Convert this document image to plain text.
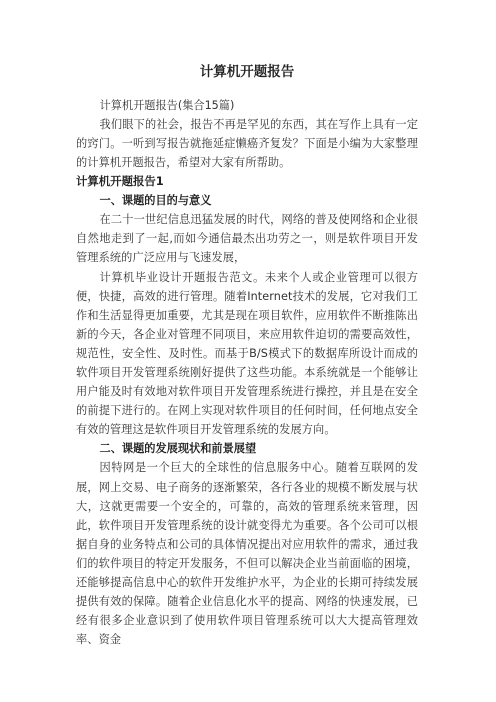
计算机开题报告

计算机开题报告(集合15篇)

我们眼下的社会，报告不再是罕见的东西，其在写作上具有一定的窍门。一听到写报告就拖延症懒癌齐复发？下面是小编为大家整理的计算机开题报告，希望对大家有所帮助。

计算机开题报告1

一、课题的目的与意义

在二十一世纪信息迅猛发展的时代，网络的普及使网络和企业很自然地走到了一起,而如今通信最杰出功劳之一，则是软件项目开发管理系统的广泛应用与飞速发展，

计算机毕业设计开题报告范文。未来个人或企业管理可以很方便，快捷，高效的进行管理。随着Internet技术的发展，它对我们工作和生活显得更加重要，尤其是现在项目软件，应用软件不断推陈出新的今天，各企业对管理不同项目，来应用软件迫切的需要高效性，规范性，安全性、及时性。而基于B/S模式下的数据库所设计而成的软件项目开发管理系统刚好提供了这些功能。本系统就是一个能够让用户能及时有效地对软件项目开发管理系统进行操控，并且是在安全的前提下进行的。在网上实现对软件项目的任何时间，任何地点安全有效的管理这是软件项目开发管理系统的发展方向。

二、课题的发展现状和前景展望

因特网是一个巨大的全球性的信息服务中心。随着互联网的发展，网上交易、电子商务的逐渐繁荣，各行各业的规模不断发展与状大，这就更需要一个安全的，可靠的，高效的管理系统来管理，因此，软件项目开发管理系统的设计就变得尤为重要。各个公司可以根据自身的业务特点和公司的具体情况提出对应用软件的需求，通过我们的软件项目的特定开发服务，不但可以解决企业当前面临的困境，还能够提高信息中心的软件开发维护水平，为企业的长期可持续发展提供有效的保障。随着企业信息化水平的提高、网络的快速发展，已经有很多企业意识到了使用软件项目管理系统可以大大提高管理效率、资金
